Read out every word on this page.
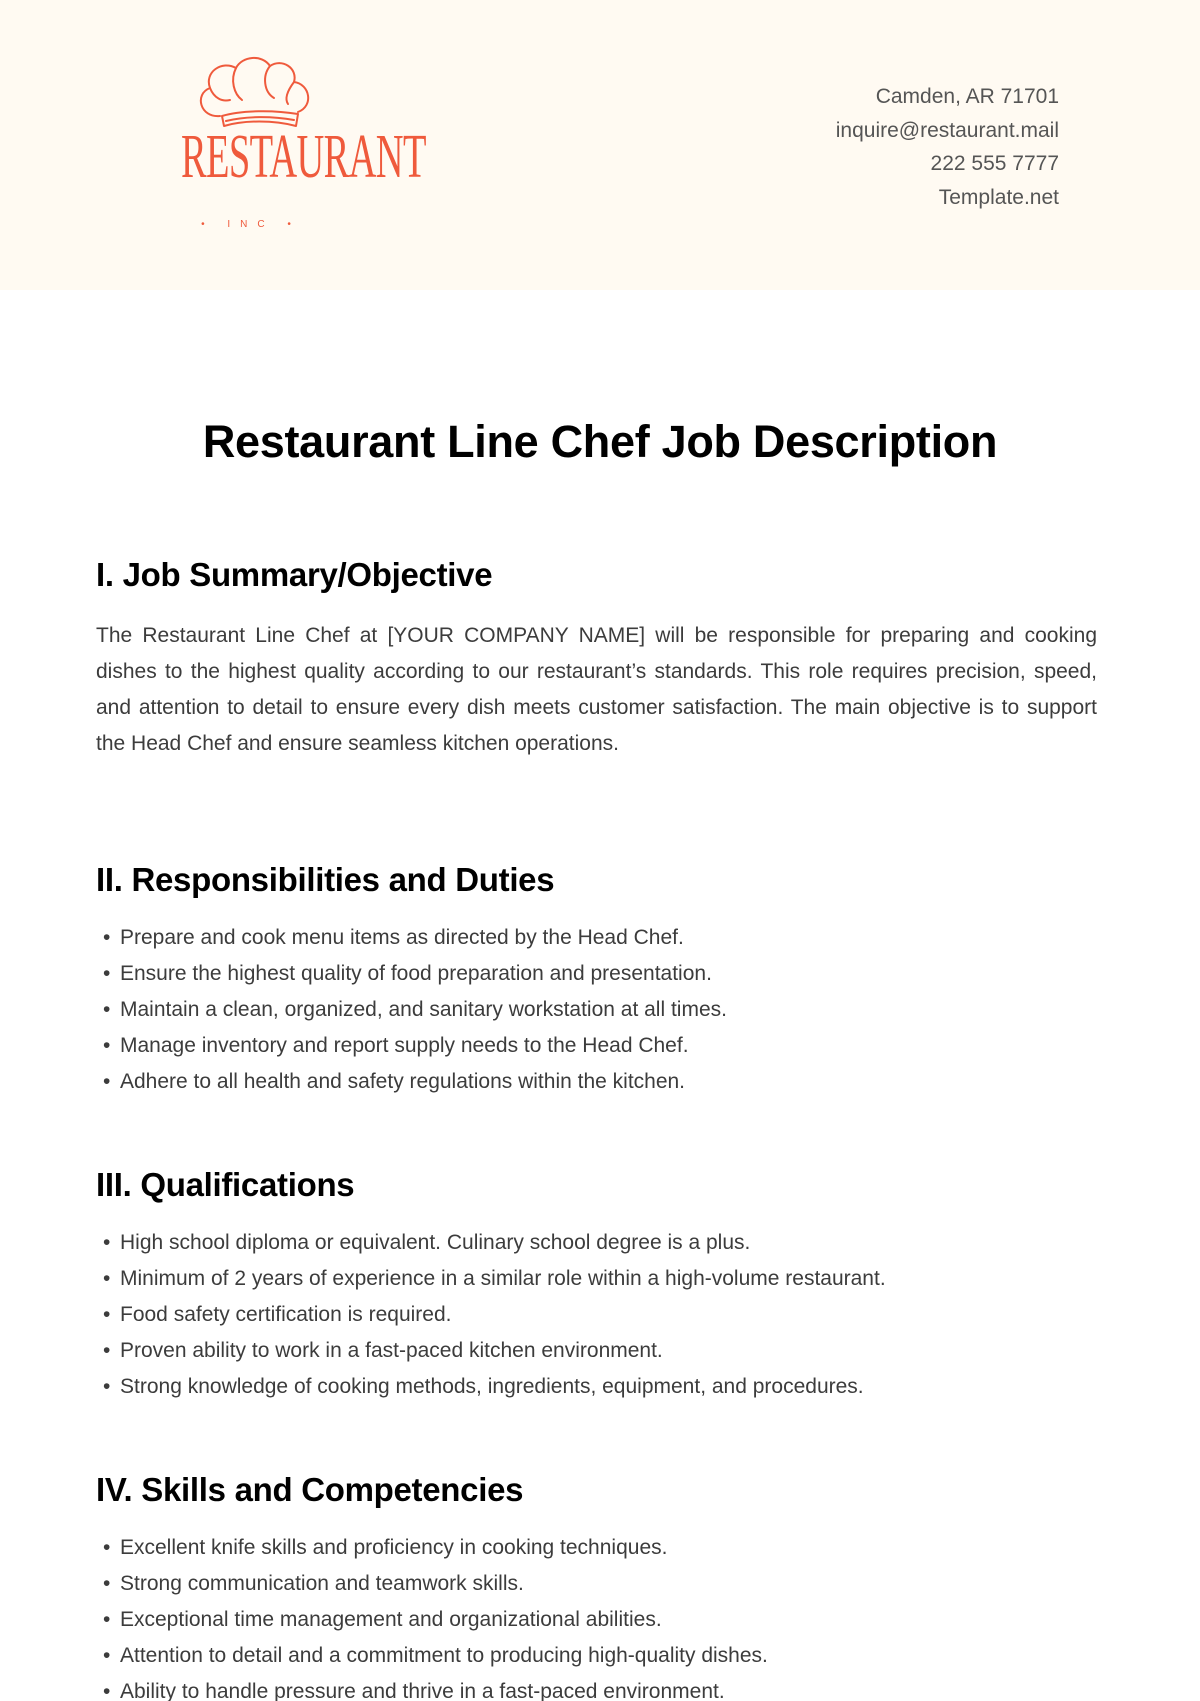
RESTAURANT
• INC •
Camden, AR 71701
inquire@restaurant.mail
222 555 7777
Template.net
Restaurant Line Chef Job Description
I. Job Summary/Objective

The Restaurant Line Chef at [YOUR COMPANY NAME] will be responsible for preparing and cooking dishes to the highest quality according to our restaurant’s standards. This role requires precision, speed, and attention to detail to ensure every dish meets customer satisfaction. The main objective is to support the Head Chef and ensure seamless kitchen operations.

II. Responsibilities and Duties
• Prepare and cook menu items as directed by the Head Chef.
• Ensure the highest quality of food preparation and presentation.
• Maintain a clean, organized, and sanitary workstation at all times.
• Manage inventory and report supply needs to the Head Chef.
• Adhere to all health and safety regulations within the kitchen.
III. Qualifications
• High school diploma or equivalent. Culinary school degree is a plus.
• Minimum of 2 years of experience in a similar role within a high-volume restaurant.
• Food safety certification is required.
• Proven ability to work in a fast-paced kitchen environment.
• Strong knowledge of cooking methods, ingredients, equipment, and procedures.
IV. Skills and Competencies
• Excellent knife skills and proficiency in cooking techniques.
• Strong communication and teamwork skills.
• Exceptional time management and organizational abilities.
• Attention to detail and a commitment to producing high-quality dishes.
• Ability to handle pressure and thrive in a fast-paced environment.
